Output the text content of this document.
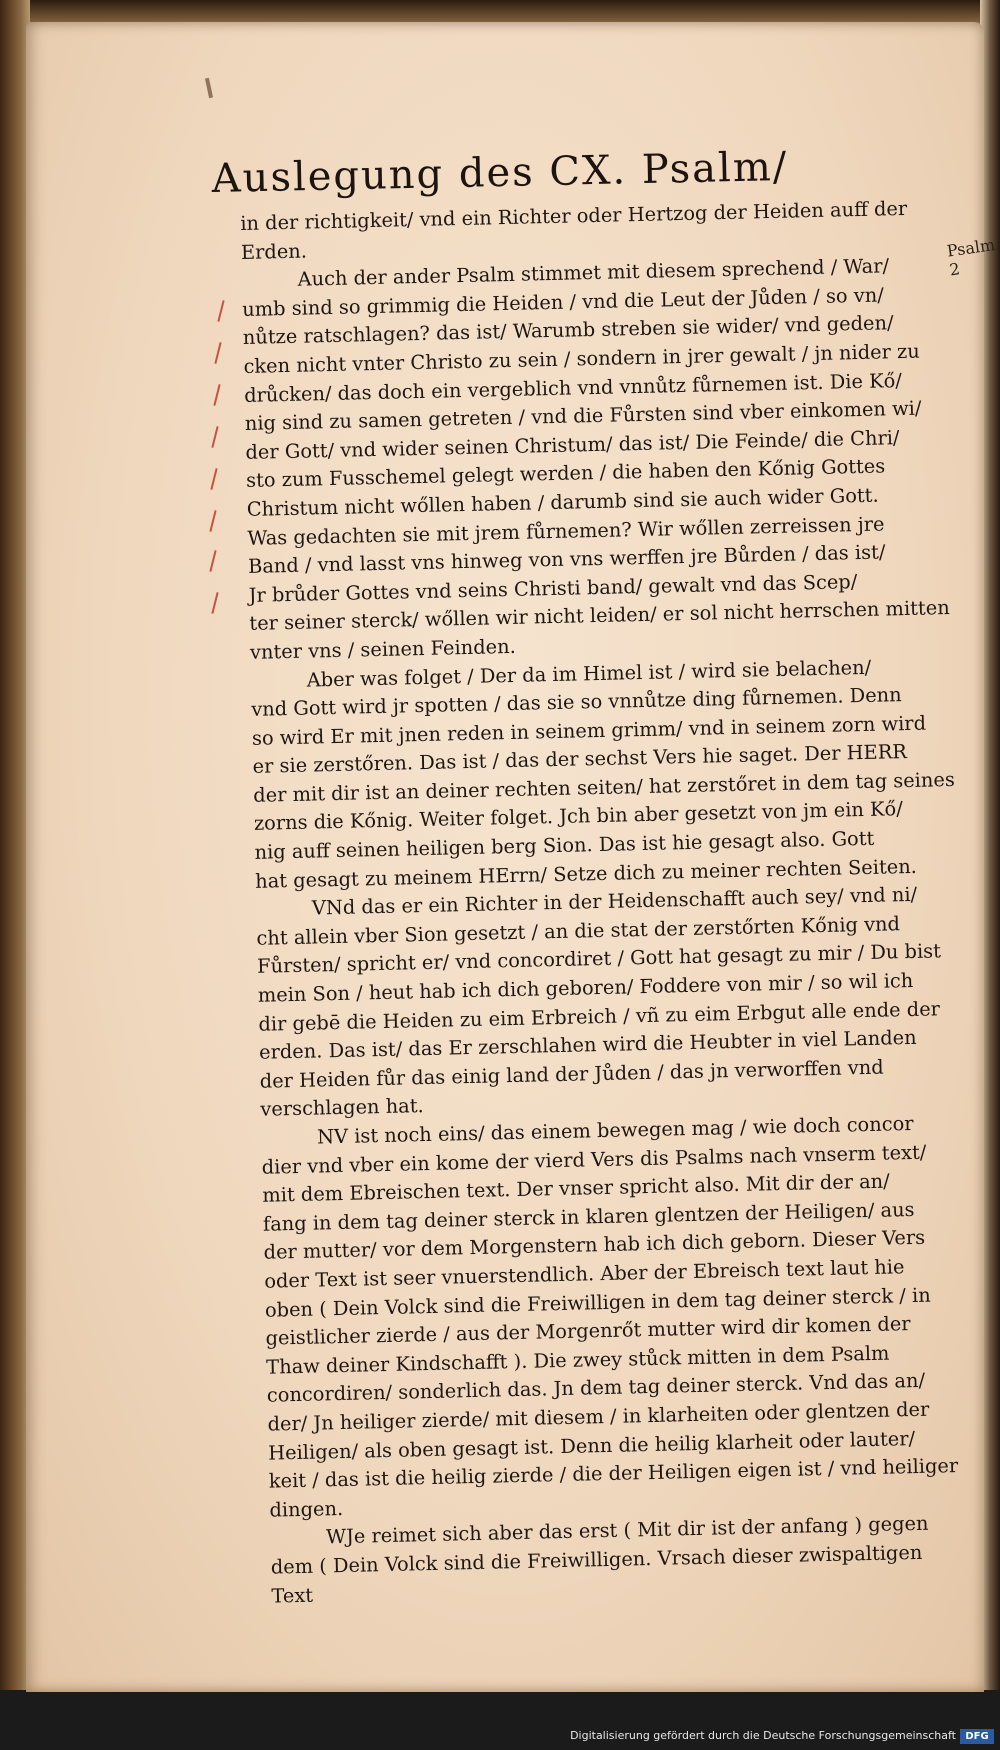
Auslegung des CX. Psalm/
Psalm 2
in der richtigkeit/ vnd ein Richter oder Hertzog der Heiden auff der
Erden.
Auch der ander Psalm stimmet mit diesem sprechend / War/
umb sind so grimmig die Heiden / vnd die Leut der Jůden / so vn/
nůtze ratschlagen? das ist/ Warumb streben sie wider/ vnd geden/
cken nicht vnter Christo zu sein / sondern in jrer gewalt / jn nider zu
drůcken/ das doch ein vergeblich vnd vnnůtz fůrnemen ist. Die Kő/
nig sind zu samen getreten / vnd die Fůrsten sind vber einkomen wi/
der Gott/ vnd wider seinen Christum/ das ist/ Die Feinde/ die Chri/
sto zum Fusschemel gelegt werden / die haben den Kőnig Gottes
Christum nicht wőllen haben / darumb sind sie auch wider Gott.
Was gedachten sie mit jrem fůrnemen? Wir wőllen zerreissen jre
Band / vnd lasst vns hinweg von vns werffen jre Bůrden / das ist/
Jr brůder Gottes vnd seins Christi band/ gewalt vnd das Scep/
ter seiner sterck/ wőllen wir nicht leiden/ er sol nicht herrschen mitten
vnter vns / seinen Feinden.
Aber was folget / Der da im Himel ist / wird sie belachen/
vnd Gott wird jr spotten / das sie so vnnůtze ding fůrnemen. Denn
so wird Er mit jnen reden in seinem grimm/ vnd in seinem zorn wird
er sie zerstőren. Das ist / das der sechst Vers hie saget. Der HERR
der mit dir ist an deiner rechten seiten/ hat zerstőret in dem tag seines
zorns die Kőnig. Weiter folget. Jch bin aber gesetzt von jm ein Kő/
nig auff seinen heiligen berg Sion. Das ist hie gesagt also. Gott
hat gesagt zu meinem HErrn/ Setze dich zu meiner rechten Seiten.
VNd das er ein Richter in der Heidenschafft auch sey/ vnd ni/
cht allein vber Sion gesetzt / an die stat der zerstőrten Kőnig vnd
Fůrsten/ spricht er/ vnd concordiret / Gott hat gesagt zu mir / Du bist
mein Son / heut hab ich dich geboren/ Foddere von mir / so wil ich
dir gebē die Heiden zu eim Erbreich / vñ zu eim Erbgut alle ende der
erden. Das ist/ das Er zerschlahen wird die Heubter in viel Landen
der Heiden fůr das einig land der Jůden / das jn verworffen vnd
verschlagen hat.
NV ist noch eins/ das einem bewegen mag / wie doch concor
dier vnd vber ein kome der vierd Vers dis Psalms nach vnserm text/
mit dem Ebreischen text. Der vnser spricht also. Mit dir der an/
fang in dem tag deiner sterck in klaren glentzen der Heiligen/ aus
der mutter/ vor dem Morgenstern hab ich dich geborn. Dieser Vers
oder Text ist seer vnuerstendlich. Aber der Ebreisch text laut hie
oben ( Dein Volck sind die Freiwilligen in dem tag deiner sterck / in
geistlicher zierde / aus der Morgenrőt mutter wird dir komen der
Thaw deiner Kindschafft ). Die zwey stůck mitten in dem Psalm
concordiren/ sonderlich das. Jn dem tag deiner sterck. Vnd das an/
der/ Jn heiliger zierde/ mit diesem / in klarheiten oder glentzen der
Heiligen/ als oben gesagt ist. Denn die heilig klarheit oder lauter/
keit / das ist die heilig zierde / die der Heiligen eigen ist / vnd heiliger
dingen.
WJe reimet sich aber das erst ( Mit dir ist der anfang ) gegen
dem ( Dein Volck sind die Freiwilligen. Vrsach dieser zwispaltigen
Text
Digitalisierung gefördert durch die Deutsche Forschungsgemeinschaft DFG
